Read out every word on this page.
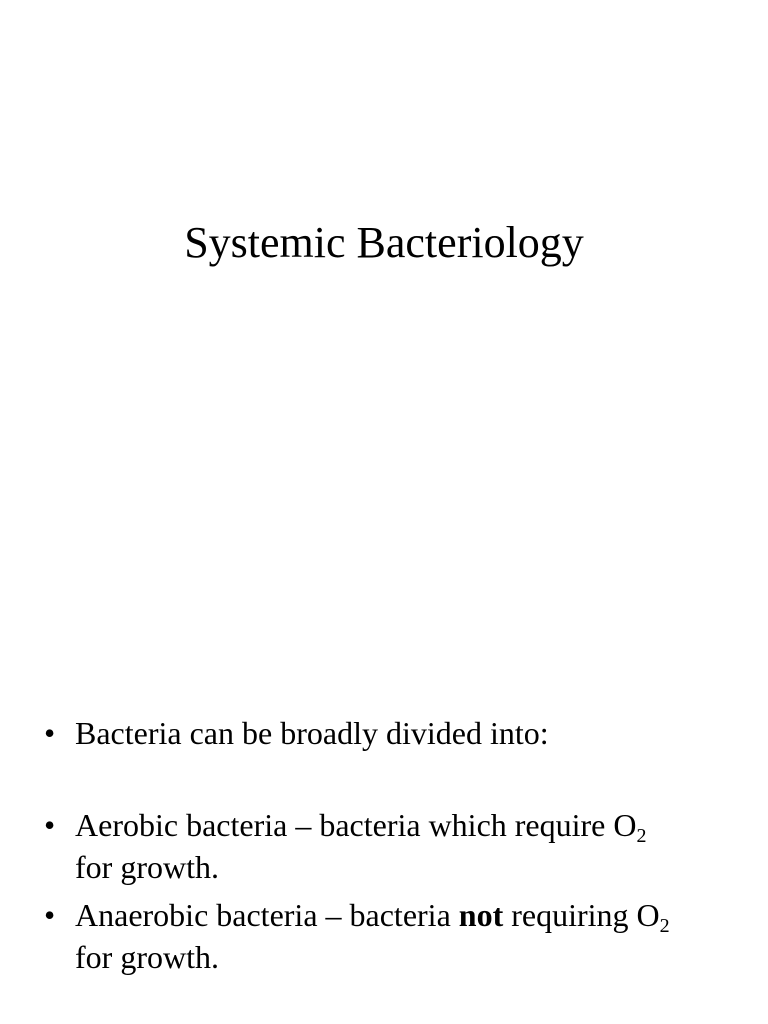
Systemic Bacteriology
• Bacteria can be broadly divided into:
• Aerobic bacteria – bacteria which require $O_2$
for growth.
• Anaerobic bacteria – bacteria not requiring $O_2$
for growth.
